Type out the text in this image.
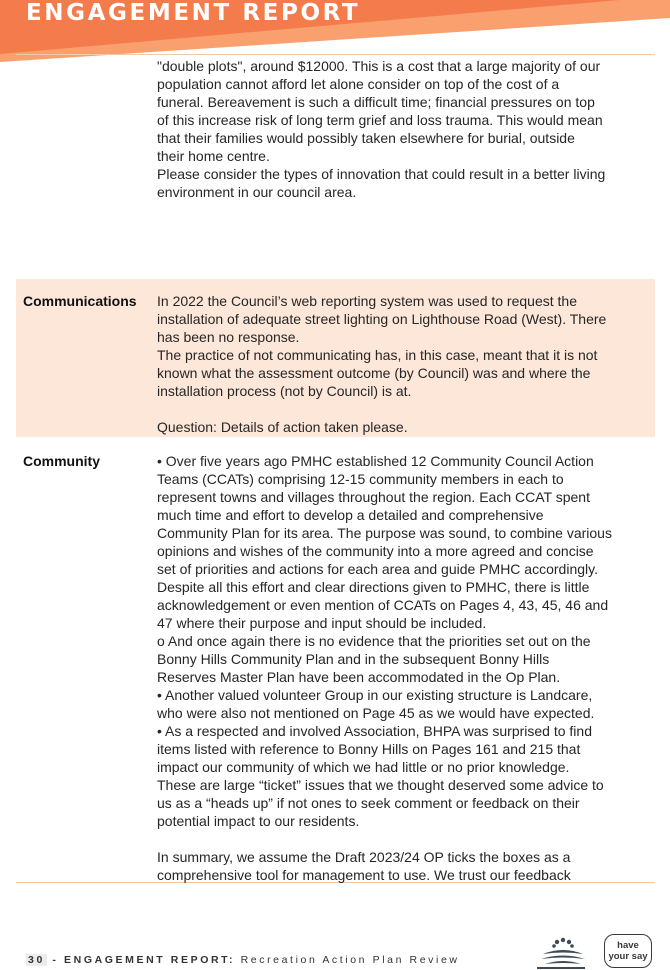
ENGAGEMENT REPORT

"double plots", around $12000. This is a cost that a large majority of our

population cannot afford let alone consider on top of the cost of a

funeral. Bereavement is such a difficult time; financial pressures on top

of this increase risk of long term grief and loss trauma. This would mean

that their families would possibly taken elsewhere for burial, outside

their home centre.

Please consider the types of innovation that could result in a better living

environment in our council area.

Communications In 2022 the Council’s web reporting system was used to request the

installation of adequate street lighting on Lighthouse Road (West). There

has been no response.

The practice of not communicating has, in this case, meant that it is not

known what the assessment outcome (by Council) was and where the

installation process (not by Council) is at.

Question: Details of action taken please.

Community	• Over five years ago PMHC established 12 Community Council Action

Teams (CCATs) comprising 12-15 community members in each to

represent towns and villages throughout the region. Each CCAT spent

much time and effort to develop a detailed and comprehensive

Community Plan for its area. The purpose was sound, to combine various

opinions and wishes of the community into a more agreed and concise

set of priorities and actions for each area and guide PMHC accordingly.

Despite all this effort and clear directions given to PMHC, there is little

acknowledgement or even mention of CCATs on Pages 4, 43, 45, 46 and

47 where their purpose and input should be included.

o And once again there is no evidence that the priorities set out on the

Bonny Hills Community Plan and in the subsequent Bonny Hills

Reserves Master Plan have been accommodated in the Op Plan.

• Another valued volunteer Group in our existing structure is Landcare,

who were also not mentioned on Page 45 as we would have expected.

• As a respected and involved Association, BHPA was surprised to find

items listed with reference to Bonny Hills on Pages 161 and 215 that

impact our community of which we had little or no prior knowledge.

These are large “ticket” issues that we thought deserved some advice to

us as a “heads up” if not ones to seek comment or feedback on their

potential impact to our residents.

In summary, we assume the Draft 2023/24 OP ticks the boxes as a

comprehensive tool for management to use. We trust our feedback

30 - ENGAGEMENT REPORT: Recreation Action Plan Review
have
your say
